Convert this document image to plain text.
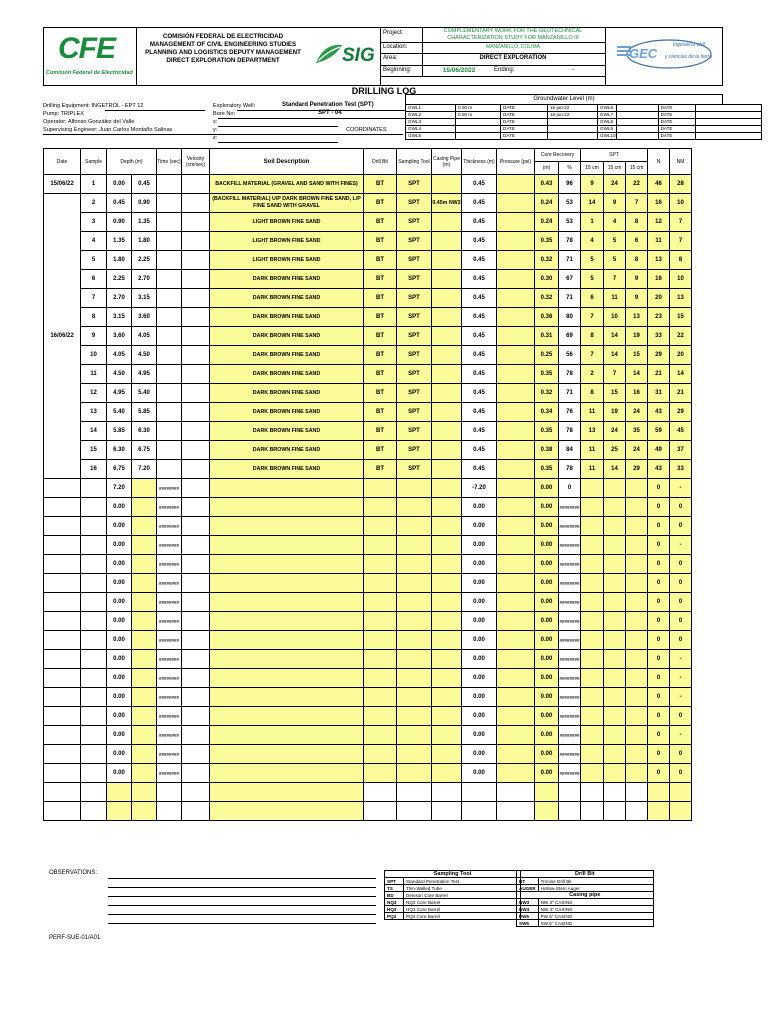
CFE
Comisión Federal de Electricidad
COMISIÓN FEDERAL DE ELECTRICIDAD
MANAGEMENT OF CIVIL ENGINEERING STUDIES
PLANNING AND LOGISTICS DEPUTY MANAGEMENT
DIRECT EXPLORATION DEPARTMENT	SIG
Project:	COMPLEMENTARY WORK FOR THE GEOTECHNICAL CHARACTERIZATION STUDY FOR MANZANILLO III
Location:	MANZANILLO, COLIMA
Area:	DIRECT EXPLORATION
Beginning:	15/06/2022	Ending:	-
GEC
Ingeniería civil
y ciencias de la tierra
DRILLING LOG
Drilling Equipment: INGETROL - EPT 12
Pump: TRIPLEX
Operator: Alfonso González del Valle
Supervising Engineer: Juan Carlos Montaño Salinas
Exploratory Well:	Standard Penetration Test (SPT)
Bore No:	SPT - 04
x:
y:
z:
COORDINATES
Groundwater Level (m)
GWL1	0.00 m	DATE	15-jun-22	GWL6		DATE	
GWL2	0.00 m	DATE	16-jun-22	GWL7		DATE	
GWL3		DATE		GWL8		DATE	
GWL4		DATE		GWL9		DATE	
GWL5		DATE		GWL10		DATE	
Date	Sample	Depth (m)		Time (sec)	Velocity (cm/sec)	Soil Description	Drill Bit	Sampling Tool	Casing Pipe (m)	Thickness (m)	Pressure (psi)	Core Recovery		SPT			N	NM	
												(m)	%	15 cm	15 cm	15 cm			
15/06/22	1	0.00	0.45			BACKFILL MATERIAL (GRAVEL AND SAND WITH FINES)	BT	SPT		0.45		0.43	96	9	24	22	46	28	
16/06/22	2	0.45	0.90			(BACKFILL MATERIAL) U/P DARK BROWN FINE SAND, L/P FINE SAND WITH GRAVEL	BT	SPT	0.45m NW3	0.45		0.24	53	14	9	7	16	10	
	3	0.90	1.35			LIGHT BROWN FINE SAND	BT	SPT		0.45		0.24	53	1	4	8	12	7	
	4	1.35	1.80			LIGHT BROWN FINE SAND	BT	SPT		0.45		0.35	78	4	5	6	11	7	
	5	1.80	2.25			LIGHT BROWN FINE SAND	BT	SPT		0.45		0.32	71	5	5	8	13	8	
	6	2.25	2.70			DARK BROWN FINE SAND	BT	SPT		0.45		0.30	67	5	7	9	16	10	
	7	2.70	3.15			DARK BROWN FINE SAND	BT	SPT		0.45		0.32	71	6	11	9	20	13	
	8	3.15	3.60			DARK BROWN FINE SAND	BT	SPT		0.45		0.36	80	7	10	13	23	15	
	9	3.60	4.05			DARK BROWN FINE SAND	BT	SPT		0.45		0.31	69	8	14	19	33	22	
	10	4.05	4.50			DARK BROWN FINE SAND	BT	SPT		0.45		0.25	56	7	14	15	29	20	
	11	4.50	4.95			DARK BROWN FINE SAND	BT	SPT		0.45		0.35	78	2	7	14	21	14	
	12	4.95	5.40			DARK BROWN FINE SAND	BT	SPT		0.45		0.32	71	8	15	16	31	21	
	13	5.40	5.85			DARK BROWN FINE SAND	BT	SPT		0.45		0.34	76	11	19	24	43	29	
	14	5.85	6.30			DARK BROWN FINE SAND	BT	SPT		0.45		0.35	78	13	24	35	59	45	
	15	6.30	6.75			DARK BROWN FINE SAND	BT	SPT		0.45		0.38	84	11	25	24	49	37	
	16	6.75	7.20			DARK BROWN FINE SAND	BT	SPT		0.45		0.35	78	11	14	29	43	33	
		7.20		########						-7.20		0.00	0				0	-	
		0.00		########						0.00		0.00	########				0	0	
		0.00		########						0.00		0.00	########				0	0	
		0.00		########						0.00		0.00	########				0	-	
		0.00		########						0.00		0.00	########				0	0	
		0.00		########						0.00		0.00	########				0	0	
		0.00		########						0.00		0.00	########				0	0	
		0.00		########						0.00		0.00	########				0	0	
		0.00		########						0.00		0.00	########				0	0	
		0.00		########						0.00		0.00	########				0	-	
		0.00		########						0.00		0.00	########				0	-	
		0.00		########						0.00		0.00	########				0	-	
		0.00		########						0.00		0.00	########				0	0	
		0.00		########						0.00		0.00	########				0	-	
		0.00		########						0.00		0.00	########				0	0	
		0.00		########						0.00		0.00	########				0	0	

OBSERVATIONS:
PERF-SUE-01/A01
Sampling Tool	
SPT	Standard Penetration Test
TS	Thin-Walled Tube
BD	Denison Core Barrel
NQ3	NQ3 Core Barrel
HQ3	HQ3 Core Barrel
PQ3	PQ3 Core Barrel
Drill Bit	
BT	Tricone Drill Bit
AUGER	Hollow-Stem Auger
Casing pipe	
NW3	NW 3" CASING
NW4	NW 4" CASING
PW5	PW 5" CASING
SW6	SW 6" CASING
